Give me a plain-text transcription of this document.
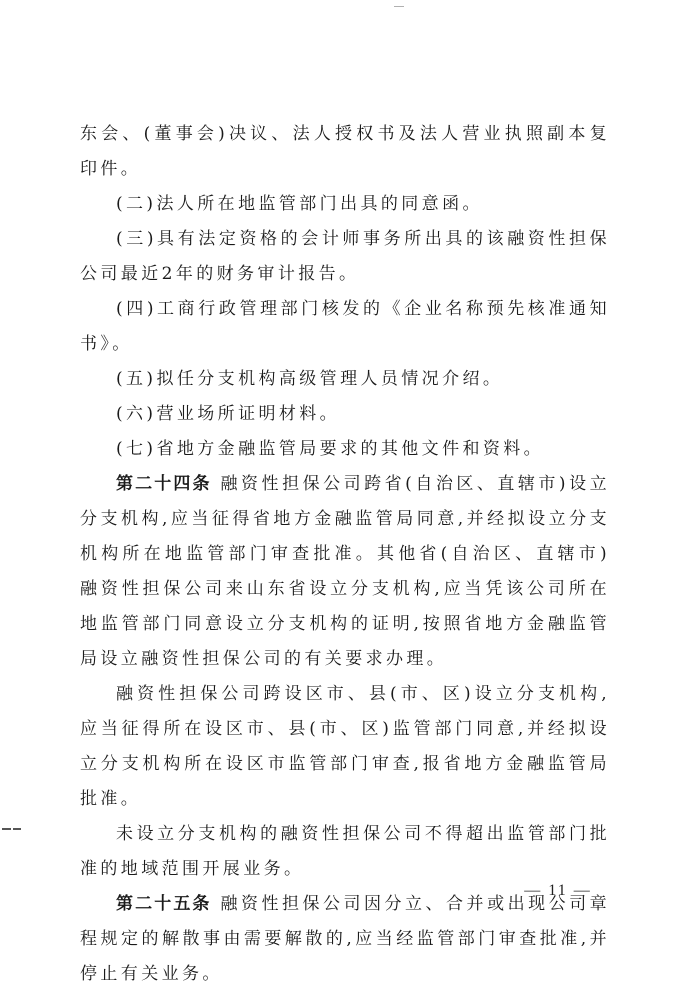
东会、(董事会)决议、法人授权书及法人营业执照副本复印件。

(二)法人所在地监管部门出具的同意函。

(三)具有法定资格的会计师事务所出具的该融资性担保公司最近2年的财务审计报告。

(四)工商行政管理部门核发的《企业名称预先核准通知书》。

(五)拟任分支机构高级管理人员情况介绍。

(六)营业场所证明材料。

(七)省地方金融监管局要求的其他文件和资料。

第二十四条 融资性担保公司跨省(自治区、直辖市)设立分支机构,应当征得省地方金融监管局同意,并经拟设立分支机构所在地监管部门审查批准。其他省(自治区、直辖市)融资性担保公司来山东省设立分支机构,应当凭该公司所在地监管部门同意设立分支机构的证明,按照省地方金融监管局设立融资性担保公司的有关要求办理。

融资性担保公司跨设区市、县(市、区)设立分支机构,应当征得所在设区市、县(市、区)监管部门同意,并经拟设立分支机构所在设区市监管部门审查,报省地方金融监管局批准。

未设立分支机构的融资性担保公司不得超出监管部门批准的地域范围开展业务。

第二十五条 融资性担保公司因分立、合并或出现公司章程规定的解散事由需要解散的,应当经监管部门审查批准,并停止有关业务。

— 11 —
